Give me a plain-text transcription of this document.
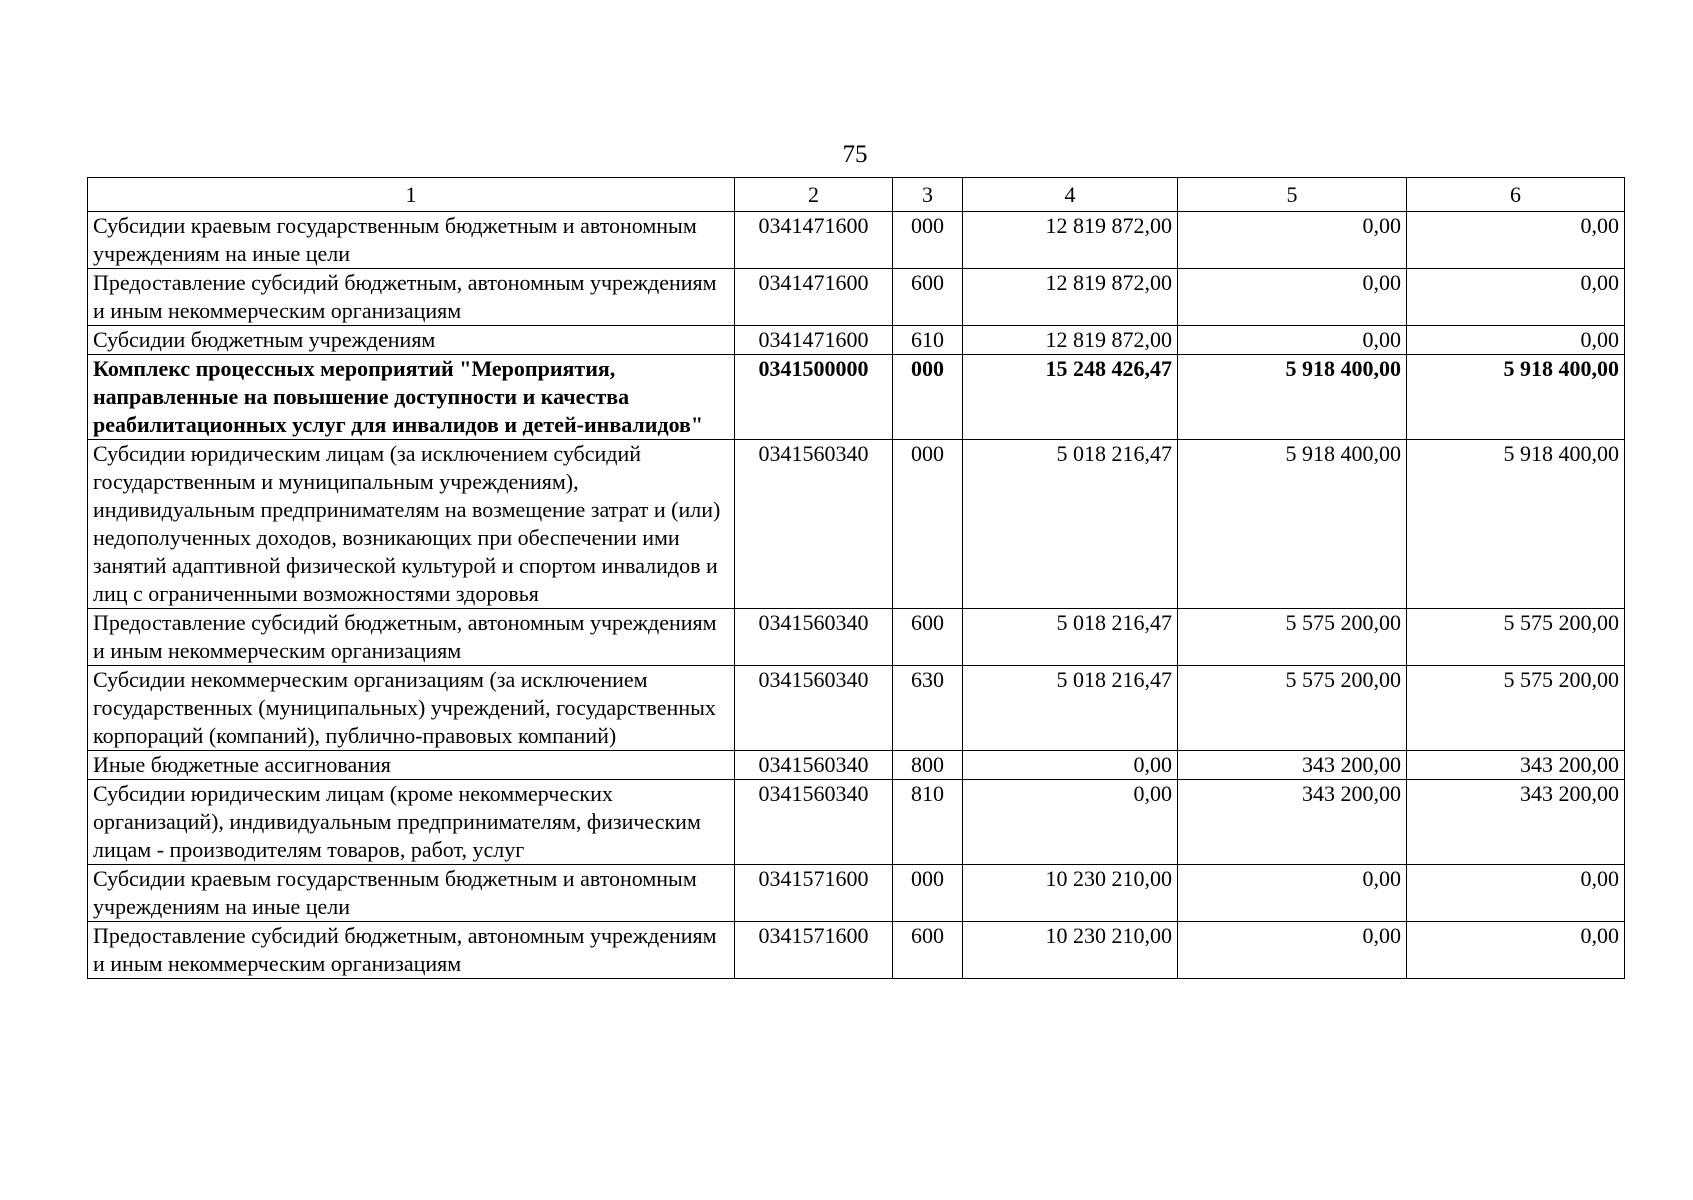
75
1	2	3	4	5	6
Субсидии краевым государственным бюджетным и автономным учреждениям на иные цели	0341471600	000	12 819 872,00	0,00	0,00
Предоставление субсидий бюджетным, автономным учреждениям и иным некоммерческим организациям	0341471600	600	12 819 872,00	0,00	0,00
Субсидии бюджетным учреждениям	0341471600	610	12 819 872,00	0,00	0,00
Комплекс процессных мероприятий "Мероприятия, направленные на повышение доступности и качества реабилитационных услуг для инвалидов и детей-инвалидов"	0341500000	000	15 248 426,47	5 918 400,00	5 918 400,00
Субсидии юридическим лицам (за исключением субсидий государственным и муниципальным учреждениям), индивидуальным предпринимателям на возмещение затрат и (или) недополученных доходов, возникающих при обеспечении ими занятий адаптивной физической культурой и спортом инвалидов и лиц с ограниченными возможностями здоровья	0341560340	000	5 018 216,47	5 918 400,00	5 918 400,00
Предоставление субсидий бюджетным, автономным учреждениям и иным некоммерческим организациям	0341560340	600	5 018 216,47	5 575 200,00	5 575 200,00
Субсидии некоммерческим организациям (за исключением государственных (муниципальных) учреждений, государственных корпораций (компаний), публично-правовых компаний)	0341560340	630	5 018 216,47	5 575 200,00	5 575 200,00
Иные бюджетные ассигнования	0341560340	800	0,00	343 200,00	343 200,00
Субсидии юридическим лицам (кроме некоммерческих организаций), индивидуальным предпринимателям, физическим лицам - производителям товаров, работ, услуг	0341560340	810	0,00	343 200,00	343 200,00
Субсидии краевым государственным бюджетным и автономным учреждениям на иные цели	0341571600	000	10 230 210,00	0,00	0,00
Предоставление субсидий бюджетным, автономным учреждениям и иным некоммерческим организациям	0341571600	600	10 230 210,00	0,00	0,00
